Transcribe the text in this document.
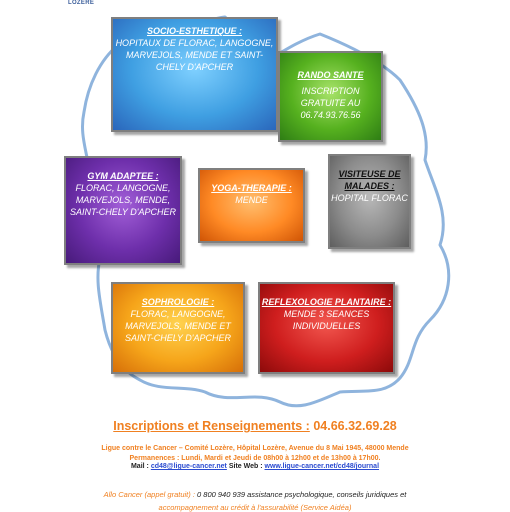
LOZÈRE
SOCIO-ESTHETIQUE :
HOPITAUX DE FLORAC, LANGOGNE, MARVEJOLS, MENDE ET SAINT-CHELY D'APCHER
RANDO SANTE
INSCRIPTION GRATUITE AU 06.74.93.76.56
GYM ADAPTEE :
FLORAC, LANGOGNE, MARVEJOLS, MENDE, SAINT-CHELY D'APCHER
YOGA-THERAPIE :
MENDE
VISITEUSE DE MALADES :
HOPITAL FLORAC
SOPHROLOGIE :
FLORAC, LANGOGNE, MARVEJOLS, MENDE ET SAINT-CHELY D'APCHER
REFLEXOLOGIE PLANTAIRE :
MENDE 3 SEANCES INDIVIDUELLES
Inscriptions et Renseignements : 04.66.32.69.28
Ligue contre le Cancer – Comité Lozère, Hôpital Lozère, Avenue du 8 Mai 1945, 48000 Mende
Permanences : Lundi, Mardi et Jeudi de 08h00 à 12h00 et de 13h00 à 17h00.
Mail : cd48@ligue-cancer.net Site Web : www.ligue-cancer.net/cd48/journal
Allo Cancer (appel gratuit) : 0 800 940 939 assistance psychologique, conseils juridiques et
accompagnement au crédit à l'assurabilité (Service Aidéa)
